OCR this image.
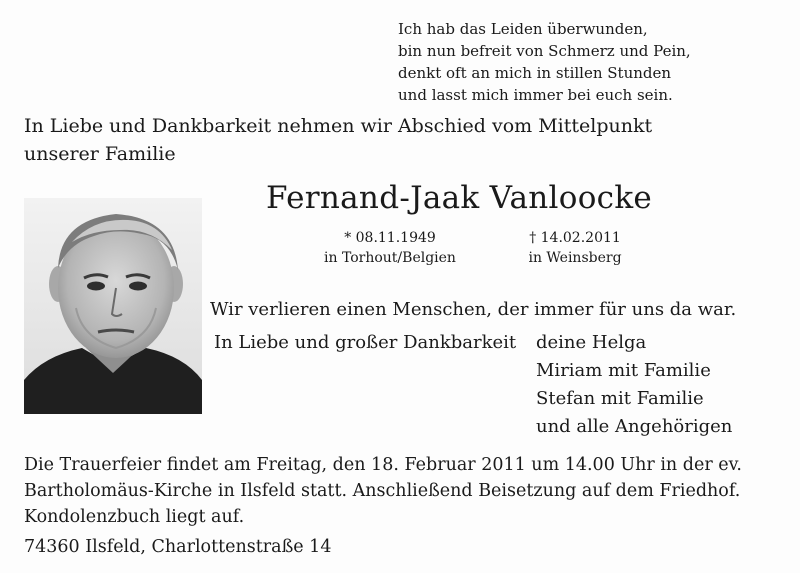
Ich hab das Leiden überwunden,
bin nun befreit von Schmerz und Pein,
denkt oft an mich in stillen Stunden
und lasst mich immer bei euch sein.
In Liebe und Dankbarkeit nehmen wir Abschied vom Mittelpunkt
unserer Familie
Fernand-Jaak Vanloocke
* 08.11.1949
in Torhout/Belgien
† 14.02.2011
in Weinsberg
Wir verlieren einen Menschen, der immer für uns da war.
In Liebe und großer Dankbarkeit deine Helga
Miriam mit Familie
Stefan mit Familie
und alle Angehörigen
Die Trauerfeier findet am Freitag, den 18. Februar 2011 um 14.00 Uhr in der ev.
Bartholomäus-Kirche in Ilsfeld statt. Anschließend Beisetzung auf dem Friedhof.
Kondolenzbuch liegt auf.
74360 Ilsfeld, Charlottenstraße 14
